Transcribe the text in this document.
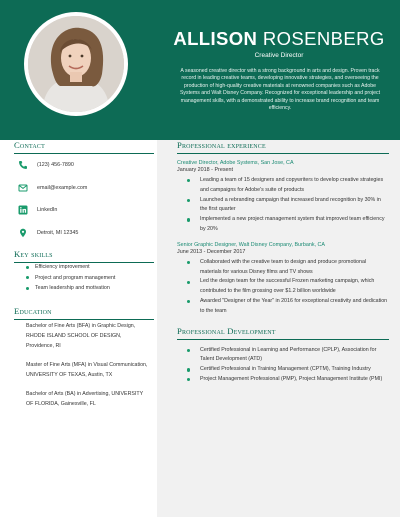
ALLISON ROSENBERG
Creative Director
A seasoned creative director with a strong background in arts and design. Proven track record in leading creative teams, developing innovative strategies, and overseeing the production of high-quality creative materials at renowned companies such as Adobe Systems and Walt Disney Company. Recognized for exceptional leadership and project management skills, with a demonstrated ability to increase brand recognition and team efficiency.
Contact
(123) 456-7890
email@example.com
LinkedIn
Detroit, MI 12345
Key skills
Efficiency improvement
Project and program management
Team leadership and motivation
Education
Bachelor of Fine Arts (BFA) in Graphic Design, RHODE ISLAND SCHOOL OF DESIGN, Providence, RI
Master of Fine Arts (MFA) in Visual Communication, UNIVERSITY OF TEXAS, Austin, TX
Bachelor of Arts (BA) in Advertising, UNIVERSITY OF FLORIDA, Gainesville, FL
Professional experience
Creative Director, Adobe Systems, San Jose, CA
January 2018 - Present
Leading a team of 15 designers and copywriters to develop creative strategies and campaigns for Adobe's suite of products
Launched a rebranding campaign that increased brand recognition by 30% in the first quarter
Implemented a new project management system that improved team efficiency by 20%
Senior Graphic Designer, Walt Disney Company, Burbank, CA
June 2013 - December 2017
Collaborated with the creative team to design and produce promotional materials for various Disney films and TV shows
Led the design team for the successful Frozen marketing campaign, which contributed to the film grossing over $1.2 billion worldwide
Awarded "Designer of the Year" in 2016 for exceptional creativity and dedication to the team
Professional Development
Certified Professional in Learning and Performance (CPLP), Association for Talent Development (ATD)
Certified Professional in Training Management (CPTM), Training Industry
Project Management Professional (PMP), Project Management Institute (PMI)
